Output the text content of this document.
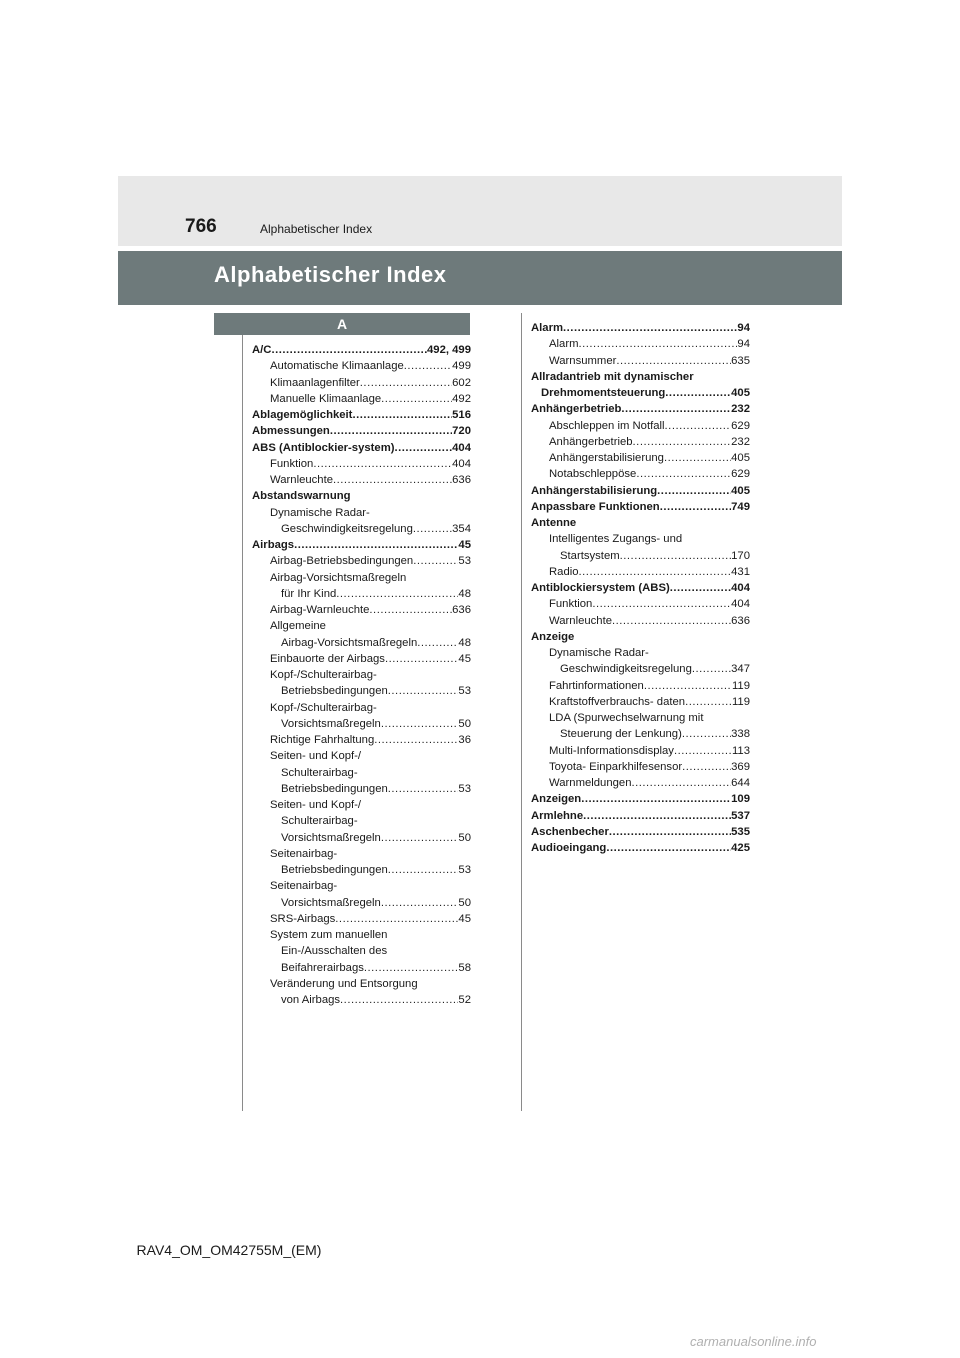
766	Alphabetischer Index
Alphabetischer Index
A
A/C .....	492, 499
Automatische Klimaanlage .....	499
Klimaanlagenfilter .....	602
Manuelle Klimaanlage .....	492
Ablagemöglichkeit .....	516
Abmessungen .....	720
ABS (Antiblockier-system) .....	404
Funktion .....	404
Warnleuchte .....	636
Abstandswarnung
Dynamische Radar-
Geschwindigkeitsregelung .....	354
Airbags .....	45
Airbag-Betriebsbedingungen .....	53
Airbag-Vorsichtsmaßregeln
für Ihr Kind .....	48
Airbag-Warnleuchte .....	636
Allgemeine
Airbag-Vorsichtsmaßregeln .....	48
Einbauorte der Airbags .....	45
Kopf-/Schulterairbag-
Betriebsbedingungen .....	53
Kopf-/Schulterairbag-
Vorsichtsmaßregeln .....	50
Richtige Fahrhaltung .....	36
Seiten- und Kopf-/
Schulterairbag-
Betriebsbedingungen .....	53
Seiten- und Kopf-/
Schulterairbag-
Vorsichtsmaßregeln .....	50
Seitenairbag-
Betriebsbedingungen .....	53
Seitenairbag-
Vorsichtsmaßregeln .....	50
SRS-Airbags .....	45
System zum manuellen
Ein-/Ausschalten des
Beifahrerairbags .....	58
Veränderung und Entsorgung
von Airbags .....	52
Alarm .....	94
Alarm .....	94
Warnsummer .....	635
Allradantrieb mit dynamischer
Drehmomentsteuerung .....	405
Anhängerbetrieb .....	232
Abschleppen im Notfall .....	629
Anhängerbetrieb .....	232
Anhängerstabilisierung .....	405
Notabschleppöse .....	629
Anhängerstabilisierung .....	405
Anpassbare Funktionen .....	749
Antenne
Intelligentes Zugangs- und
Startsystem .....	170
Radio .....	431
Antiblockiersystem (ABS) .....	404
Funktion .....	404
Warnleuchte .....	636
Anzeige
Dynamische Radar-
Geschwindigkeitsregelung .....	347
Fahrtinformationen .....	119
Kraftstoffverbrauchs- daten .....	119
LDA (Spurwechselwarnung mit
Steuerung der Lenkung) .....	338
Multi-Informationsdisplay .....	113
Toyota- Einparkhilfesensor .....	369
Warnmeldungen .....	644
Anzeigen .....	109
Armlehne .....	537
Aschenbecher .....	535
Audioeingang .....	425
RAV4_OM_OM42755M_(EM)
carmanualsonline.info
